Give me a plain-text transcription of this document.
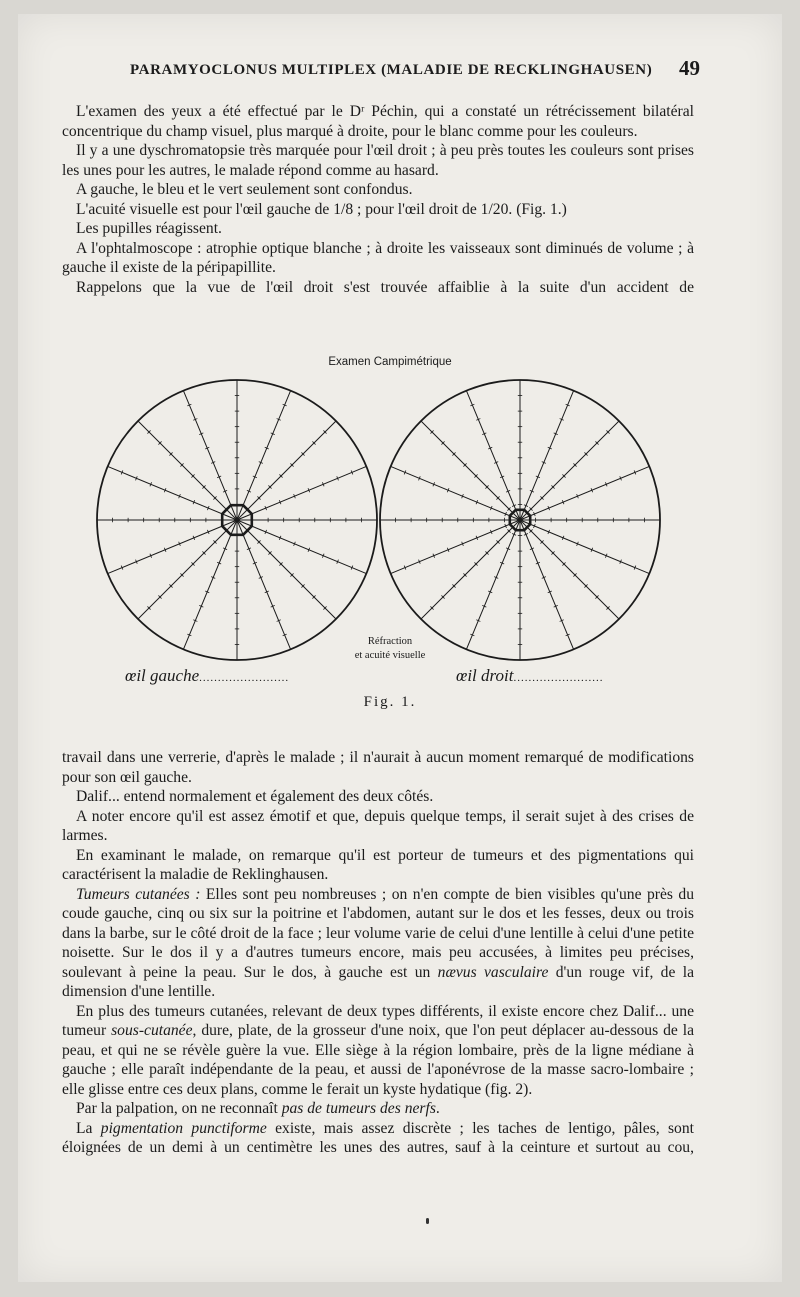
PARAMYOCLONUS MULTIPLEX (MALADIE DE RECKLINGHAUSEN) 49

L'examen des yeux a été effectué par le Dʳ Péchin, qui a constaté un rétrécissement bilatéral concentrique du champ visuel, plus marqué à droite, pour le blanc comme pour les couleurs.

Il y a une dyschromatopsie très marquée pour l'œil droit ; à peu près toutes les couleurs sont prises les unes pour les autres, le malade répond comme au hasard.

A gauche, le bleu et le vert seulement sont confondus.

L'acuité visuelle est pour l'œil gauche de 1/8 ; pour l'œil droit de 1/20. (Fig. 1.)

Les pupilles réagissent.

A l'ophtalmoscope : atrophie optique blanche ; à droite les vaisseaux sont diminués de volume ; à gauche il existe de la péripapillite.

Rappelons que la vue de l'œil droit s'est trouvée affaiblie à la suite d'un accident de

Examen Campimétrique
Réfraction
et acuité visuelle
œil gauche........................	œil droit........................
Fig. 1.

travail dans une verrerie, d'après le malade ; il n'aurait à aucun moment remarqué de modifications pour son œil gauche.

Dalif... entend normalement et également des deux côtés.

A noter encore qu'il est assez émotif et que, depuis quelque temps, il serait sujet à des crises de larmes.

En examinant le malade, on remarque qu'il est porteur de tumeurs et des pigmentations qui caractérisent la maladie de Reklinghausen.

Tumeurs cutanées : Elles sont peu nombreuses ; on n'en compte de bien visibles qu'une près du coude gauche, cinq ou six sur la poitrine et l'abdomen, autant sur le dos et les fesses, deux ou trois dans la barbe, sur le côté droit de la face ; leur volume varie de celui d'une lentille à celui d'une petite noisette. Sur le dos il y a d'autres tumeurs encore, mais peu accusées, à limites peu précises, soulevant à peine la peau. Sur le dos, à gauche est un nævus vasculaire d'un rouge vif, de la dimension d'une lentille.

En plus des tumeurs cutanées, relevant de deux types différents, il existe encore chez Dalif... une tumeur sous-cutanée, dure, plate, de la grosseur d'une noix, que l'on peut déplacer au-dessous de la peau, et qui ne se révèle guère la vue. Elle siège à la région lombaire, près de la ligne médiane à gauche ; elle paraît indépendante de la peau, et aussi de l'aponévrose de la masse sacro-lombaire ; elle glisse entre ces deux plans, comme le ferait un kyste hydatique (fig. 2).

Par la palpation, on ne reconnaît pas de tumeurs des nerfs.

La pigmentation punctiforme existe, mais assez discrète ; les taches de lentigo, pâles, sont éloignées de un demi à un centimètre les unes des autres, sauf à la ceinture et surtout au cou,
